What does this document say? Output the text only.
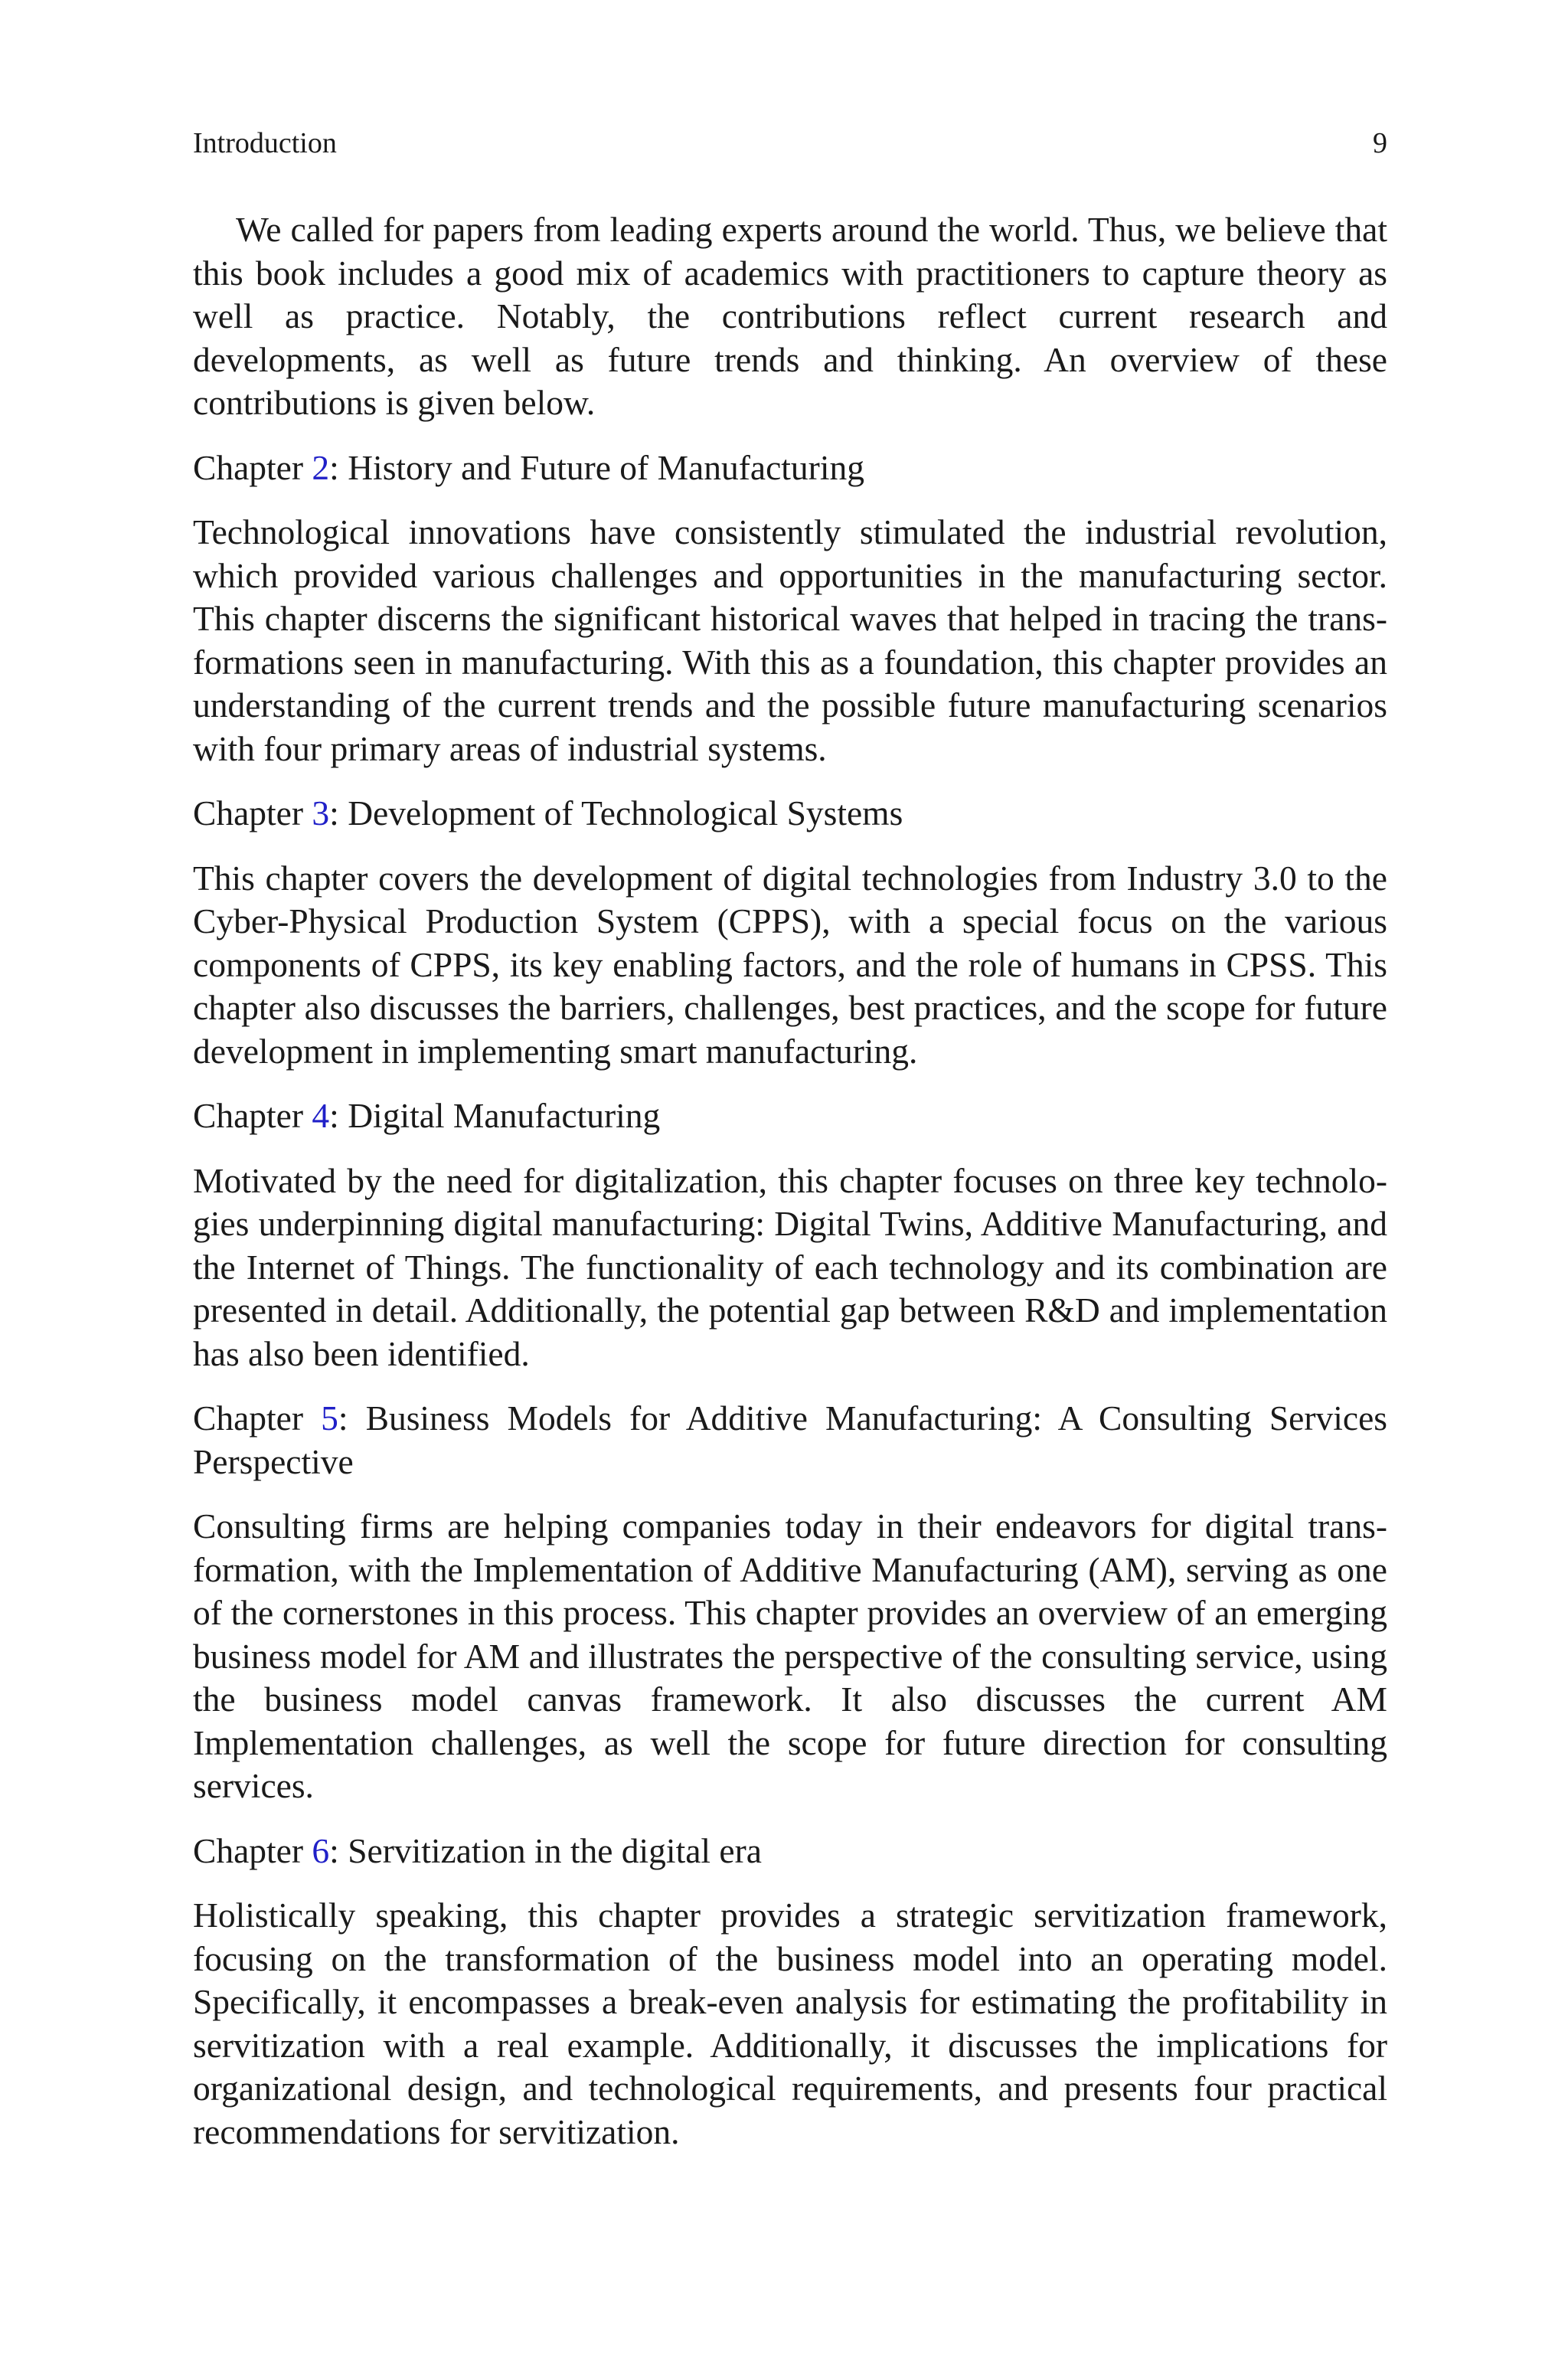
Introduction	9

We called for papers from leading experts around the world. Thus, we believe that this book includes a good mix of academics with practitioners to capture theory as well as practice. Notably, the contributions reflect current research and developments, as well as future trends and thinking. An overview of these contributions is given below.

Chapter 2: History and Future of Manufacturing

Technological innovations have consistently stimulated the industrial revolution, which provided various challenges and opportunities in the manufacturing sector. This chapter discerns the significant historical waves that helped in tracing the transformations seen in manufacturing. With this as a foundation, this chapter provides an understanding of the current trends and the possible future manufacturing scenarios with four primary areas of industrial systems.

Chapter 3: Development of Technological Systems

This chapter covers the development of digital technologies from Industry 3.0 to the Cyber-Physical Production System (CPPS), with a special focus on the various components of CPPS, its key enabling factors, and the role of humans in CPSS. This chapter also discusses the barriers, challenges, best practices, and the scope for future development in implementing smart manufacturing.

Chapter 4: Digital Manufacturing

Motivated by the need for digitalization, this chapter focuses on three key technologies underpinning digital manufacturing: Digital Twins, Additive Manufacturing, and the Internet of Things. The functionality of each technology and its combination are presented in detail. Additionally, the potential gap between R&D and implementation has also been identified.

Chapter 5: Business Models for Additive Manufacturing: A Consulting Services Perspective

Consulting firms are helping companies today in their endeavors for digital transformation, with the Implementation of Additive Manufacturing (AM), serving as one of the cornerstones in this process. This chapter provides an overview of an emerging business model for AM and illustrates the perspective of the consulting service, using the business model canvas framework. It also discusses the current AM Implementation challenges, as well the scope for future direction for consulting services.

Chapter 6: Servitization in the digital era

Holistically speaking, this chapter provides a strategic servitization framework, focusing on the transformation of the business model into an operating model. Specifically, it encompasses a break-even analysis for estimating the profitability in servitization with a real example. Additionally, it discusses the implications for organizational design, and technological requirements, and presents four practical recommendations for servitization.
